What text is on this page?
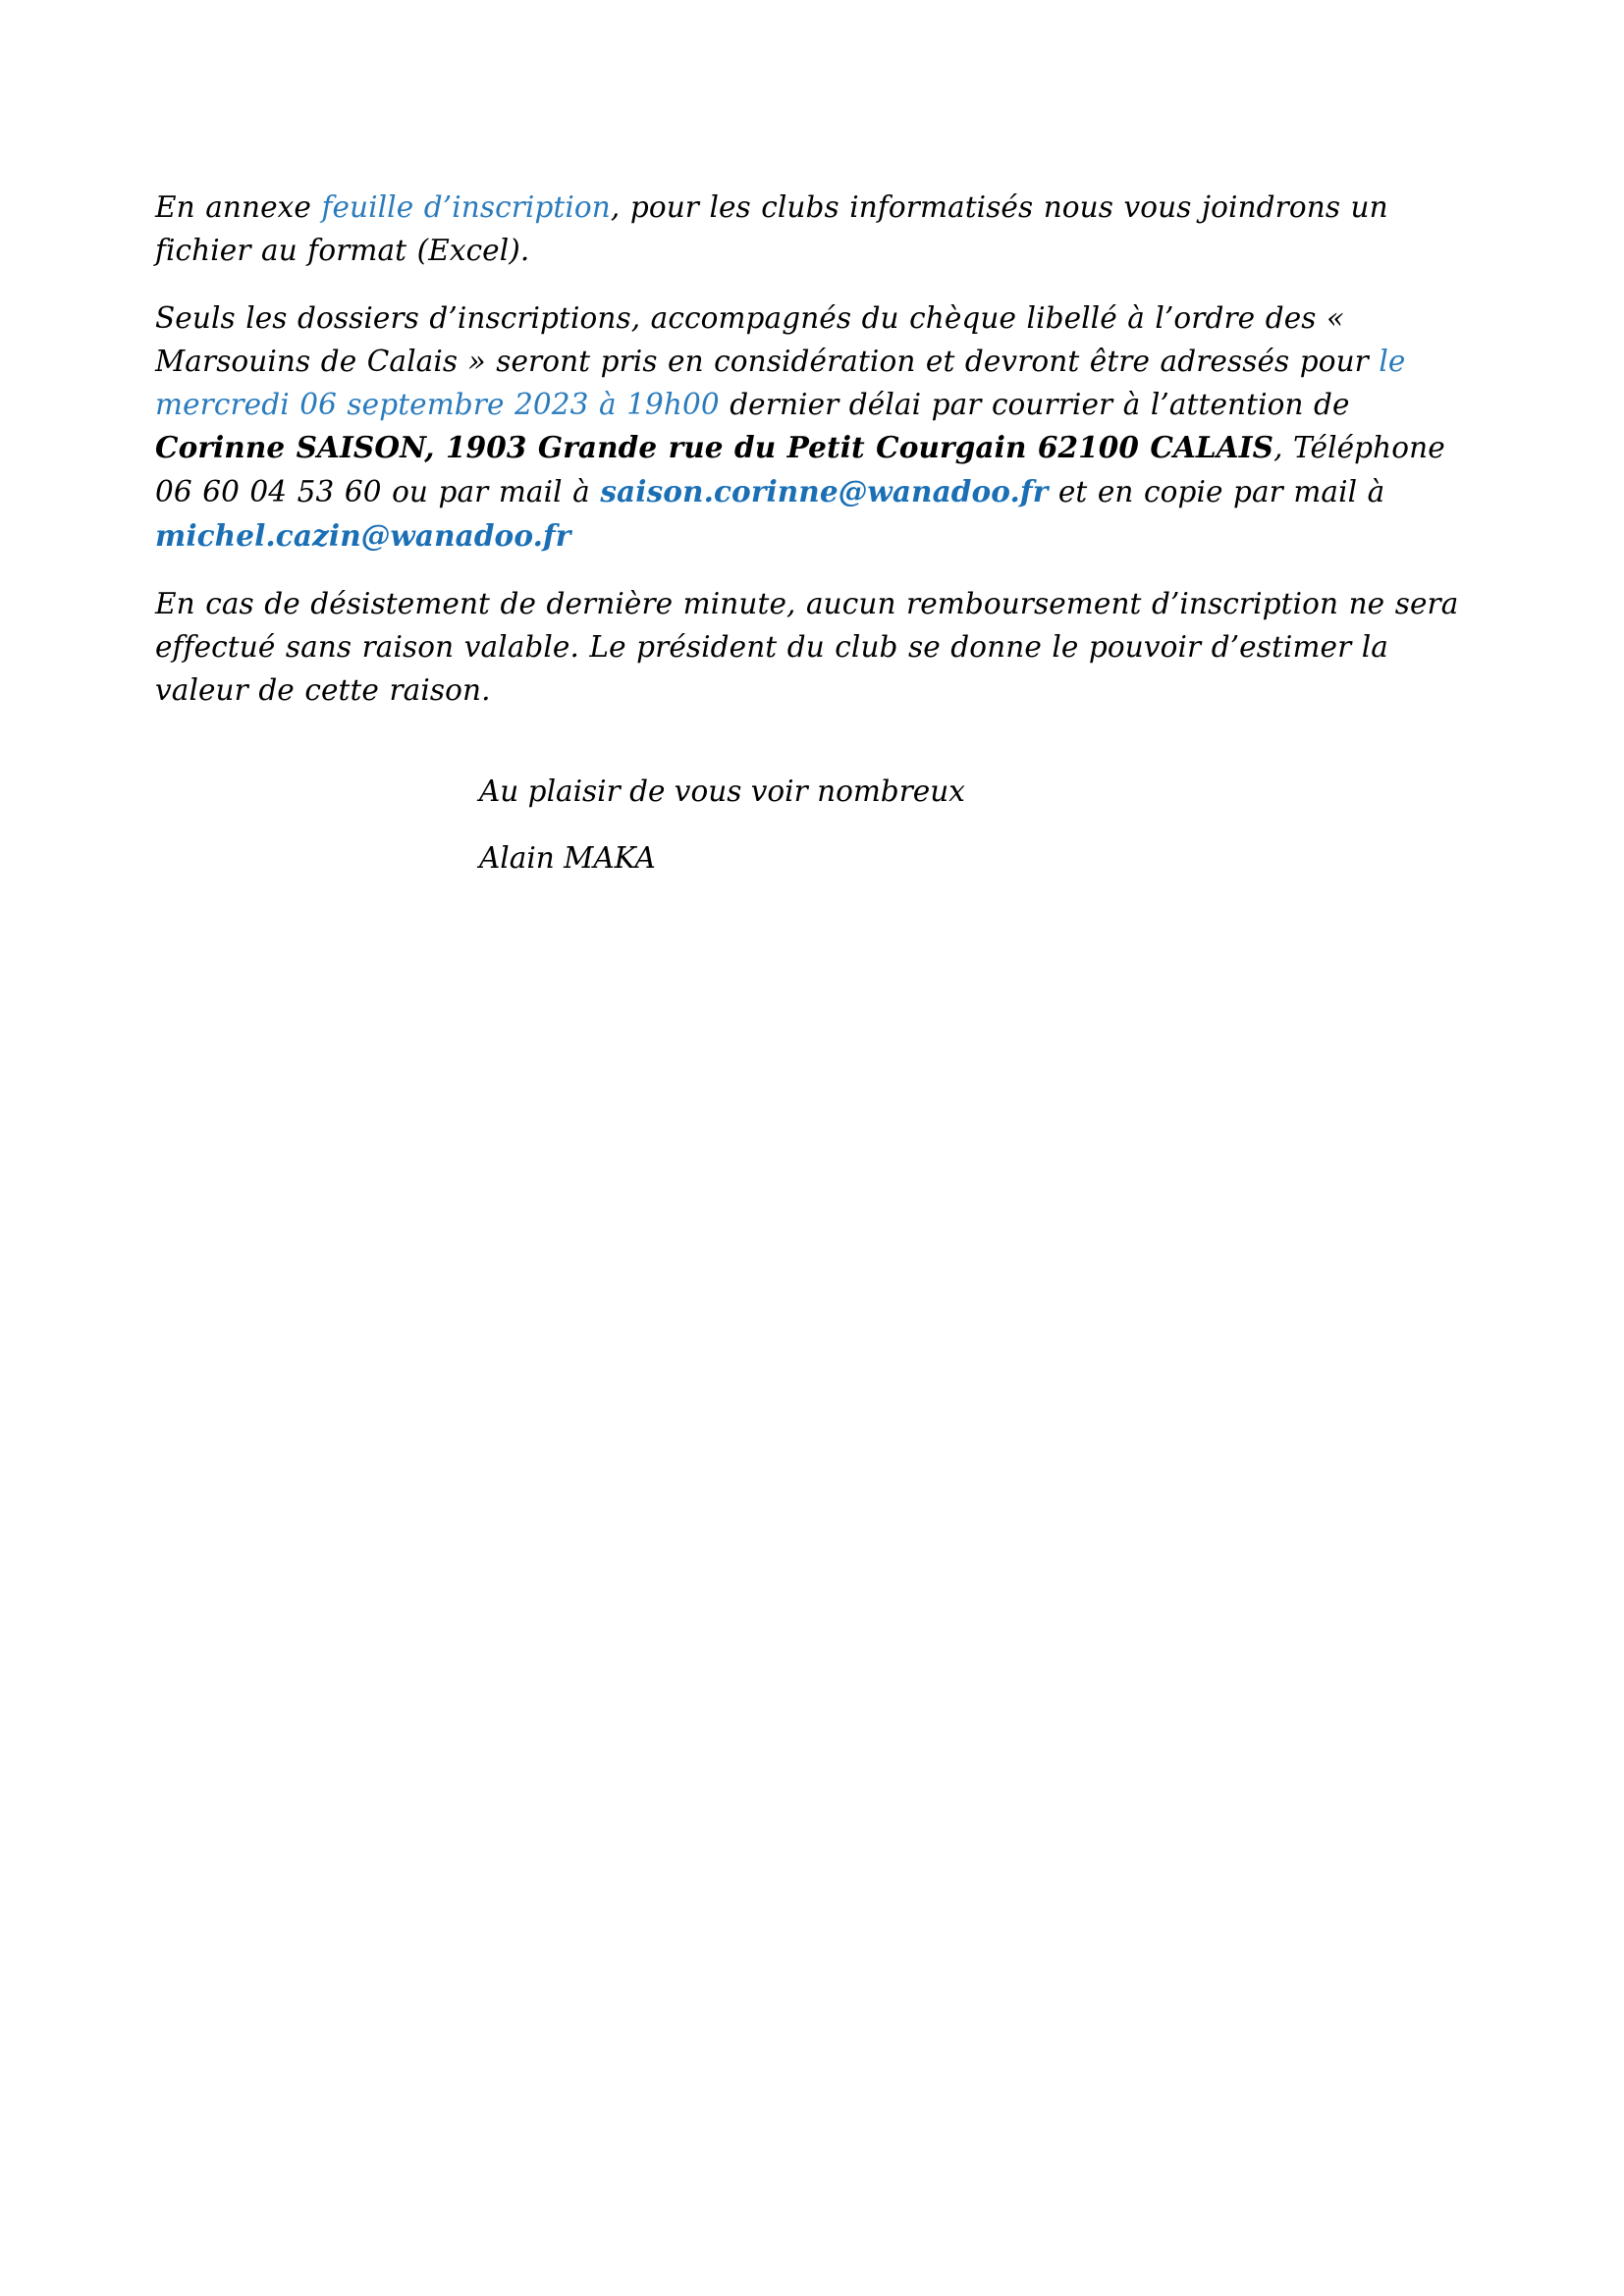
En annexe feuille d’inscription, pour les clubs informatisés nous vous joindrons un fichier au format (Excel).

Seuls les dossiers d’inscriptions, accompagnés du chèque libellé à l’ordre des « Marsouins de Calais » seront pris en considération et devront être adressés pour le mercredi 06 septembre 2023 à 19h00 dernier délai par courrier à l’attention de Corinne SAISON, 1903 Grande rue du Petit Courgain 62100 CALAIS, Téléphone 06 60 04 53 60 ou par mail à saison.corinne@wanadoo.fr et en copie par mail à michel.cazin@wanadoo.fr

En cas de désistement de dernière minute, aucun remboursement d’inscription ne sera effectué sans raison valable. Le président du club se donne le pouvoir d’estimer la valeur de cette raison.

Au plaisir de vous voir nombreux

Alain MAKA
